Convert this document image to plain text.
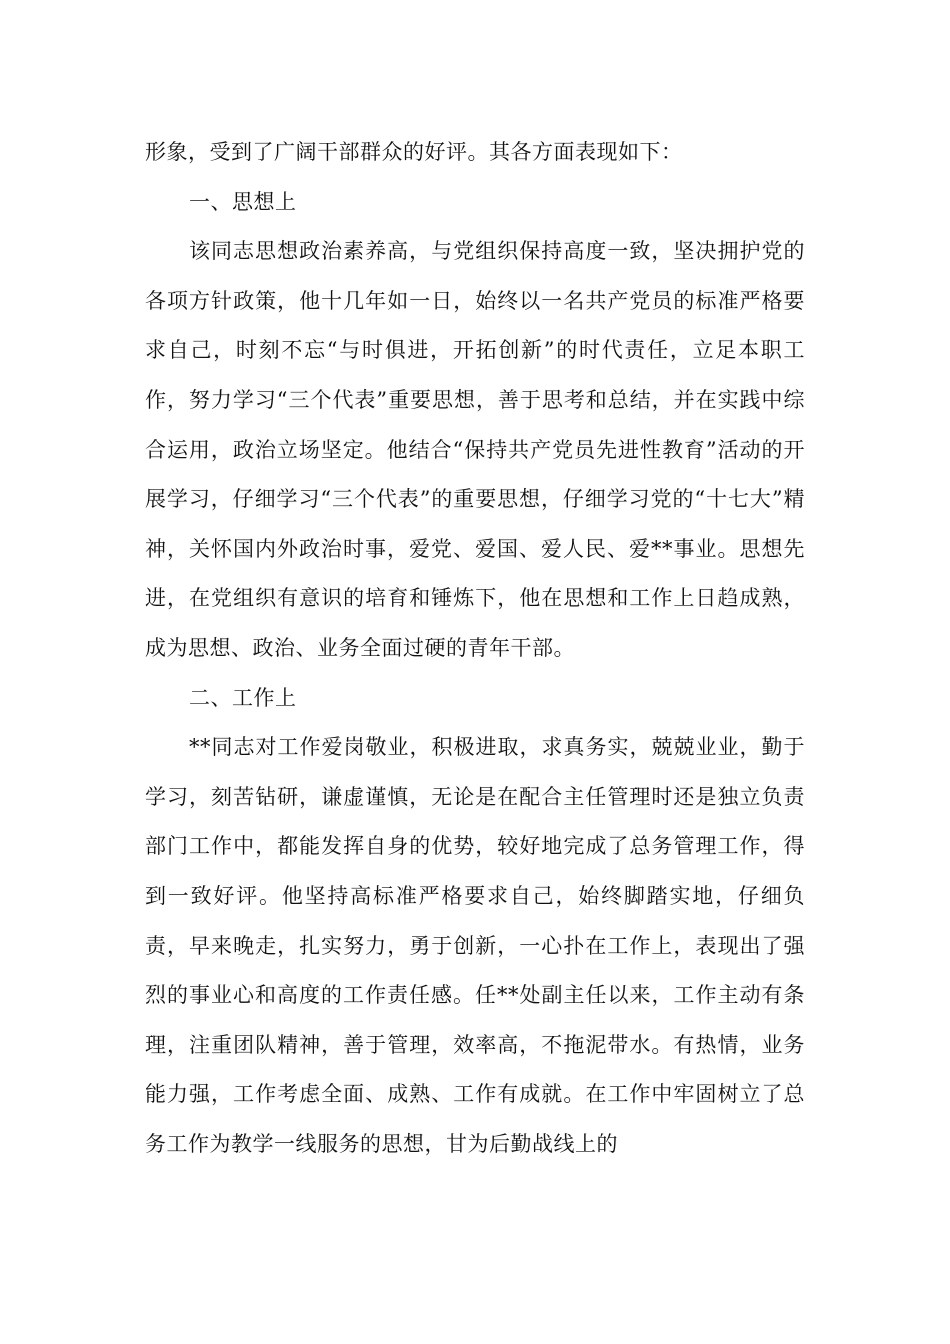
形象，受到了广阔干部群众的好评。其各方面表现如下：

一、思想上

该同志思想政治素养高，与党组织保持高度一致，坚决拥护党的各项方针政策，他十几年如一日，始终以一名共产党员的标准严格要求自己，时刻不忘“与时俱进，开拓创新”的时代责任，立足本职工作，努力学习“三个代表”重要思想，善于思考和总结，并在实践中综合运用，政治立场坚定。他结合“保持共产党员先进性教育”活动的开展学习，仔细学习“三个代表”的重要思想，仔细学习党的“十七大”精神，关怀国内外政治时事，爱党、爱国、爱人民、爱**事业。思想先进，在党组织有意识的培育和锤炼下，他在思想和工作上日趋成熟，成为思想、政治、业务全面过硬的青年干部。

二、工作上

**同志对工作爱岗敬业，积极进取，求真务实，兢兢业业，勤于学习，刻苦钻研，谦虚谨慎，无论是在配合主任管理时还是独立负责部门工作中，都能发挥自身的优势，较好地完成了总务管理工作，得到一致好评。他坚持高标准严格要求自己，始终脚踏实地，仔细负责，早来晚走，扎实努力，勇于创新，一心扑在工作上，表现出了强烈的事业心和高度的工作责任感。任**处副主任以来，工作主动有条理，注重团队精神，善于管理，效率高，不拖泥带水。有热情，业务能力强，工作考虑全面、成熟、工作有成就。在工作中牢固树立了总务工作为教学一线服务的思想，甘为后勤战线上的
